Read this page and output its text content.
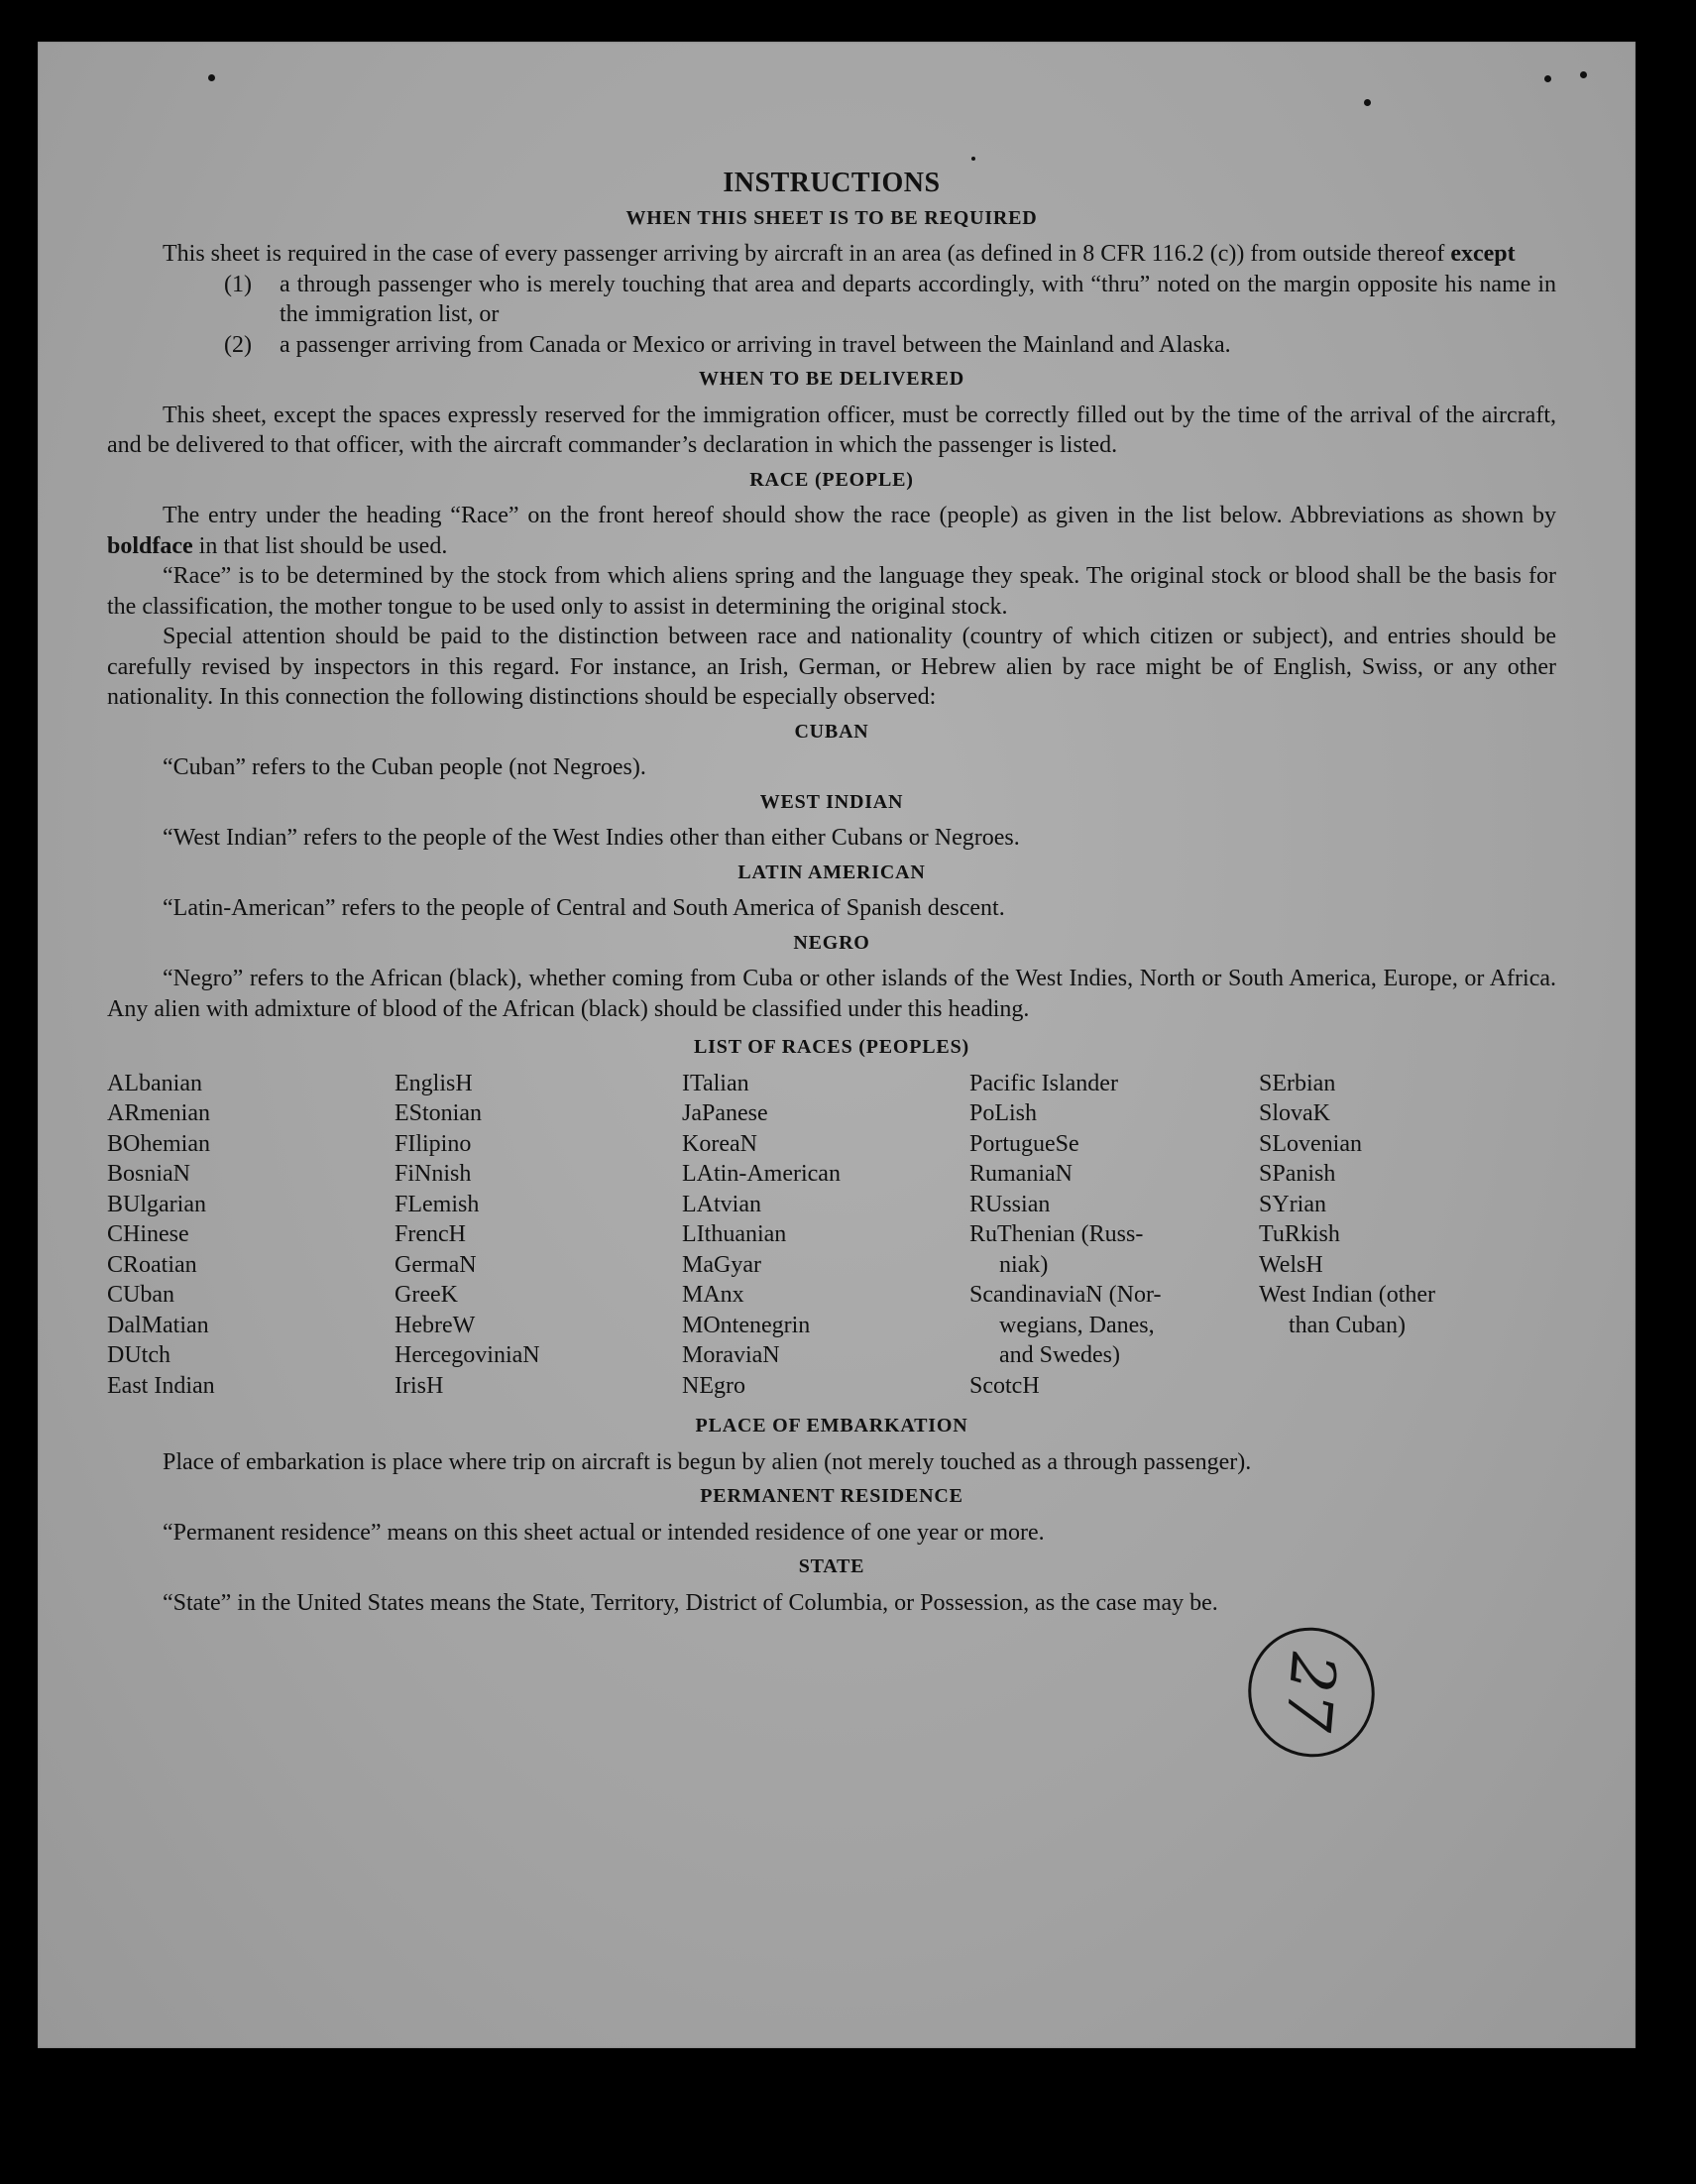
INSTRUCTIONS
WHEN THIS SHEET IS TO BE REQUIRED

This sheet is required in the case of every passenger arriving by aircraft in an area (as defined in 8 CFR 116.2 (c)) from outside thereof except

(1)	a through passenger who is merely touching that area and departs accordingly, with “thru” noted on the margin opposite his name in the immigration list, or
(2)	a passenger arriving from Canada or Mexico or arriving in travel between the Mainland and Alaska.
WHEN TO BE DELIVERED

This sheet, except the spaces expressly reserved for the immigration officer, must be correctly filled out by the time of the arrival of the aircraft, and be delivered to that officer, with the aircraft commander’s declaration in which the passenger is listed.

RACE (PEOPLE)

The entry under the heading “Race” on the front hereof should show the race (people) as given in the list below. Abbreviations as shown by boldface in that list should be used.

“Race” is to be determined by the stock from which aliens spring and the language they speak. The original stock or blood shall be the basis for the classification, the mother tongue to be used only to assist in determining the original stock.

Special attention should be paid to the distinction between race and nationality (country of which citizen or subject), and entries should be carefully revised by inspectors in this regard. For instance, an Irish, German, or Hebrew alien by race might be of English, Swiss, or any other nationality. In this connection the following distinctions should be especially observed:

CUBAN

“Cuban” refers to the Cuban people (not Negroes).

WEST INDIAN

“West Indian” refers to the people of the West Indies other than either Cubans or Negroes.

LATIN AMERICAN

“Latin-American” refers to the people of Central and South America of Spanish descent.

NEGRO

“Negro” refers to the African (black), whether coming from Cuba or other islands of the West Indies, North or South America, Europe, or Africa. Any alien with admixture of blood of the African (black) should be classified under this heading.

LIST OF RACES (PEOPLES)
ALbanian
ARmenian
BOhemian
BosniaN
BUlgarian
CHinese
CRoatian
CUban
DalMatian
DUtch
East Indian
EnglisH
EStonian
FIlipino
FiNnish
FLemish
FrencH
GermaN
GreeK
HebreW
HercegoviniaN
IrisH
ITalian
JaPanese
KoreaN
LAtin-American
LAtvian
LIthuanian
MaGyar
MAnx
MOntenegrin
MoraviaN
NEgro
Pacific Islander
PoLish
PortugueSe
RumaniaN
RUssian
RuThenian (Russ-
niak)
ScandinaviaN (Nor-
wegians, Danes,
and Swedes)
ScotcH
SErbian
SlovaK
SLovenian
SPanish
SYrian
TuRkish
WelsH
West Indian (other
than Cuban)
PLACE OF EMBARKATION

Place of embarkation is place where trip on aircraft is begun by alien (not merely touched as a through passenger).

PERMANENT RESIDENCE

“Permanent residence” means on this sheet actual or intended residence of one year or more.

STATE

“State” in the United States means the State, Territory, District of Columbia, or Possession, as the case may be.

27
